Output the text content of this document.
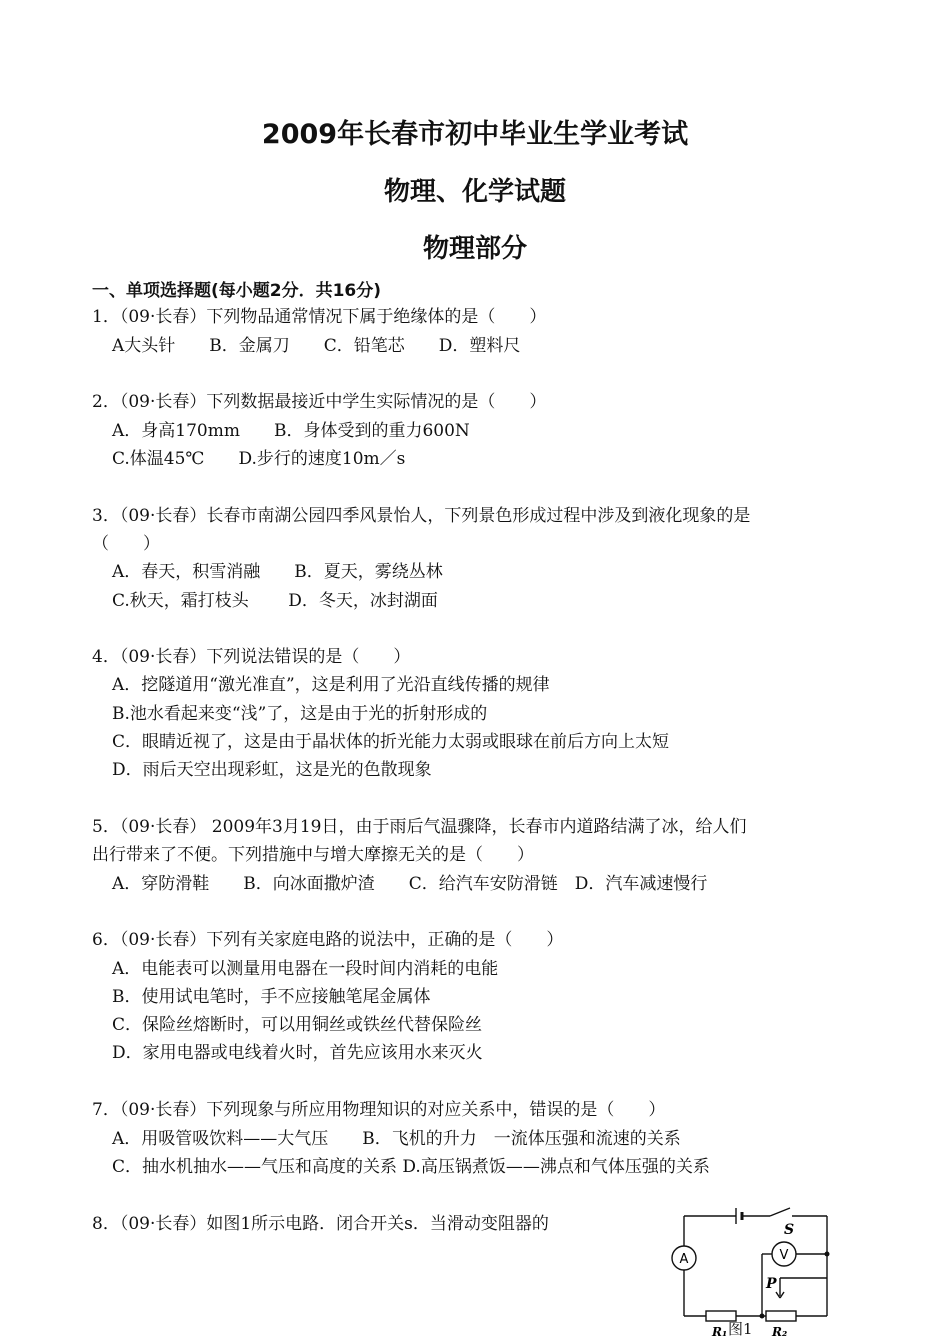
2009年长春市初中毕业生学业考试
物理、化学试题
物理部分
一、单项选择题(每小题2分．共16分)
1．（09·长春）下列物品通常情况下属于绝缘体的是（　　）
A大头针　　B．金属刀　　C．铅笔芯　　D．塑料尺
2．（09·长春）下列数据最接近中学生实际情况的是（　　）
A．身高170mm　　B．身体受到的重力600N
C.体温45℃　　D.步行的速度10m／s
3．（09·长春）长春市南湖公园四季风景怡人，下列景色形成过程中涉及到液化现象的是
（　　）
A．春天，积雪消融　　B．夏天，雾绕丛林
C.秋天，霜打枝头　　 D．冬天，冰封湖面
4．（09·长春）下列说法错误的是（　　）
A．挖隧道用“激光准直”，这是利用了光沿直线传播的规律
B.池水看起来变“浅”了，这是由于光的折射形成的
C．眼睛近视了，这是由于晶状体的折光能力太弱或眼球在前后方向上太短
D．雨后天空出现彩虹，这是光的色散现象
5．（09·长春） 2009年3月19日，由于雨后气温骤降，长春市内道路结满了冰，给人们
出行带来了不便。下列措施中与增大摩擦无关的是（　　）
A．穿防滑鞋　　B．向冰面撒炉渣　　C．给汽车安防滑链　D．汽车减速慢行
6．（09·长春）下列有关家庭电路的说法中，正确的是（　　）
A．电能表可以测量用电器在一段时间内消耗的电能
B．使用试电笔时，手不应接触笔尾金属体
C．保险丝熔断时，可以用铜丝或铁丝代替保险丝
D．家用电器或电线着火时，首先应该用水来灭火
7．（09·长春）下列现象与所应用物理知识的对应关系中，错误的是（　　）
A．用吸管吸饮料——大气压　　B．飞机的升力　一流体压强和流速的关系
C．抽水机抽水——气压和高度的关系 D.高压锅煮饭——沸点和气体压强的关系
8．（09·长春）如图1所示电路．闭合开关s．当滑动变阻器的
A	V
S
P
R₁	R₂
图1
